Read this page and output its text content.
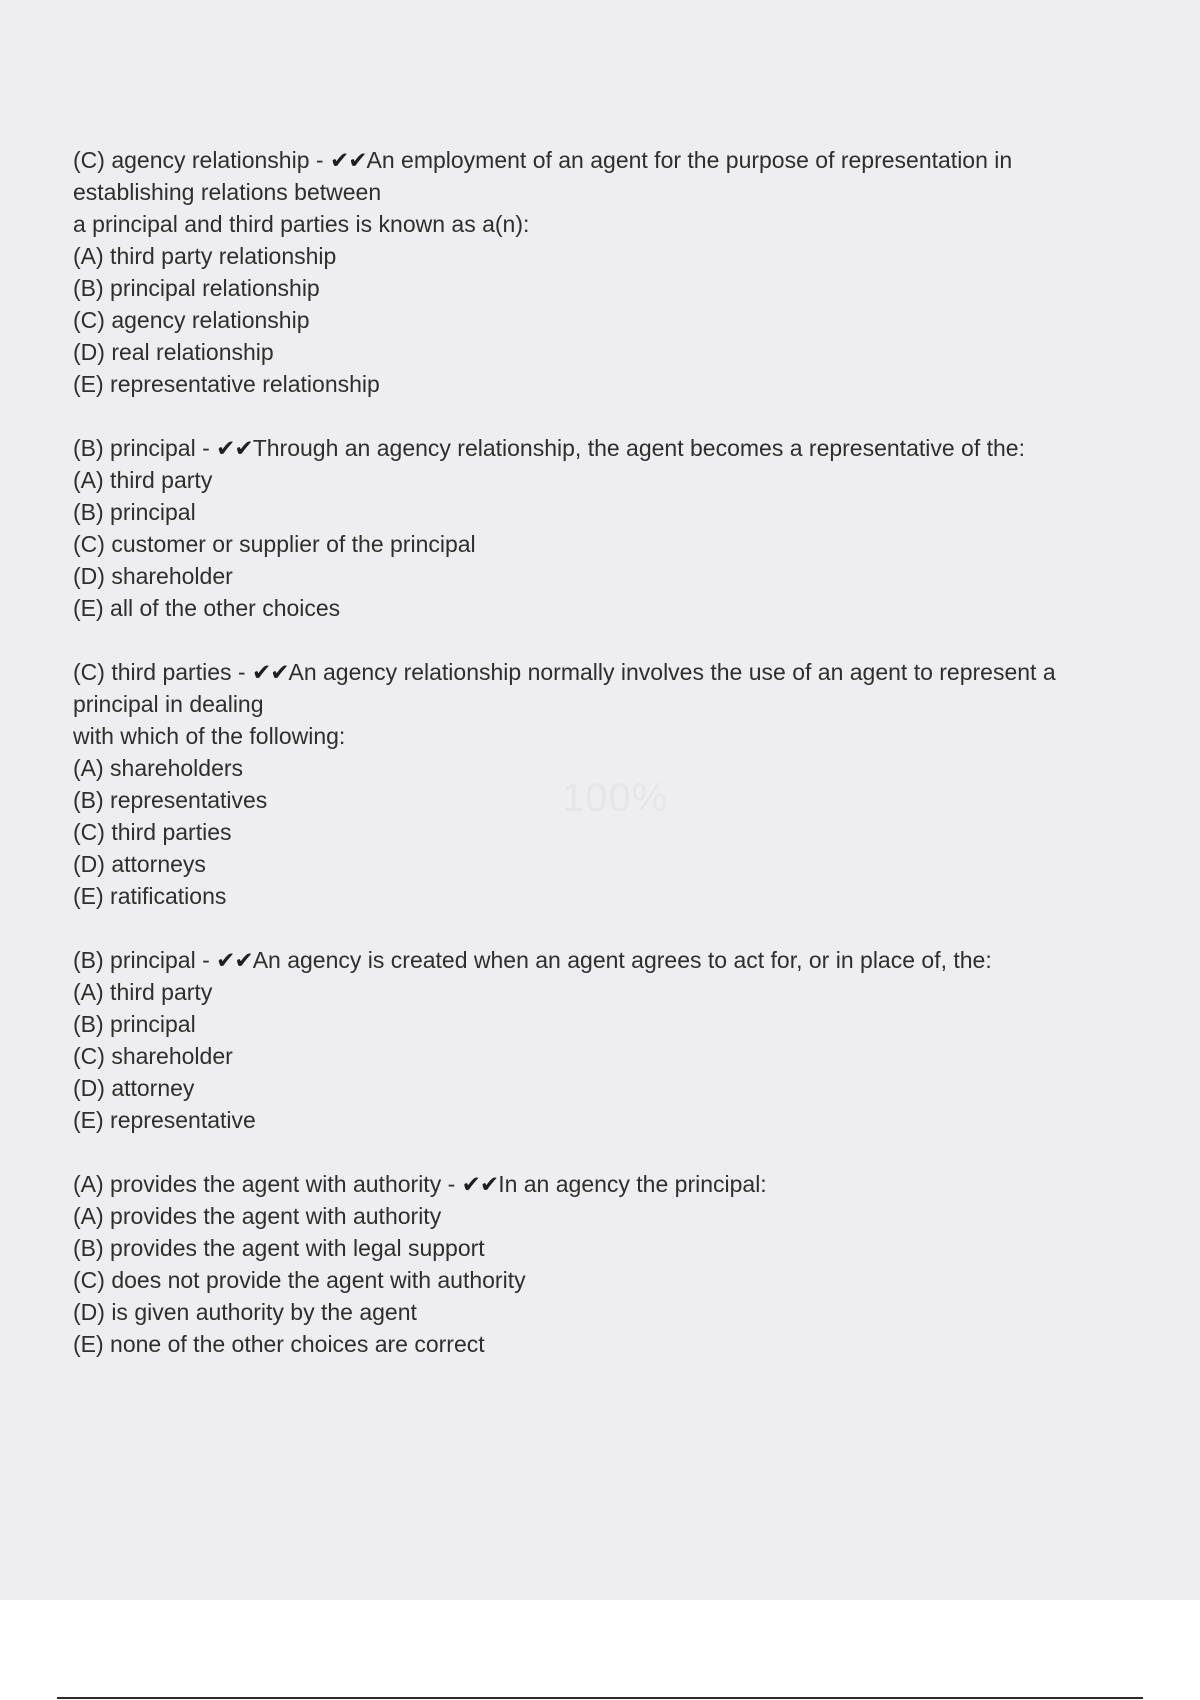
100%

(C) agency relationship - ✔✔An employment of an agent for the purpose of representation in

establishing relations between

a principal and third parties is known as a(n):

(A) third party relationship

(B) principal relationship

(C) agency relationship

(D) real relationship

(E) representative relationship

(B) principal - ✔✔Through an agency relationship, the agent becomes a representative of the:

(A) third party

(B) principal

(C) customer or supplier of the principal

(D) shareholder

(E) all of the other choices

(C) third parties - ✔✔An agency relationship normally involves the use of an agent to represent a

principal in dealing

with which of the following:

(A) shareholders

(B) representatives

(C) third parties

(D) attorneys

(E) ratifications

(B) principal - ✔✔An agency is created when an agent agrees to act for, or in place of, the:

(A) third party

(B) principal

(C) shareholder

(D) attorney

(E) representative

(A) provides the agent with authority - ✔✔In an agency the principal:

(A) provides the agent with authority

(B) provides the agent with legal support

(C) does not provide the agent with authority

(D) is given authority by the agent

(E) none of the other choices are correct
